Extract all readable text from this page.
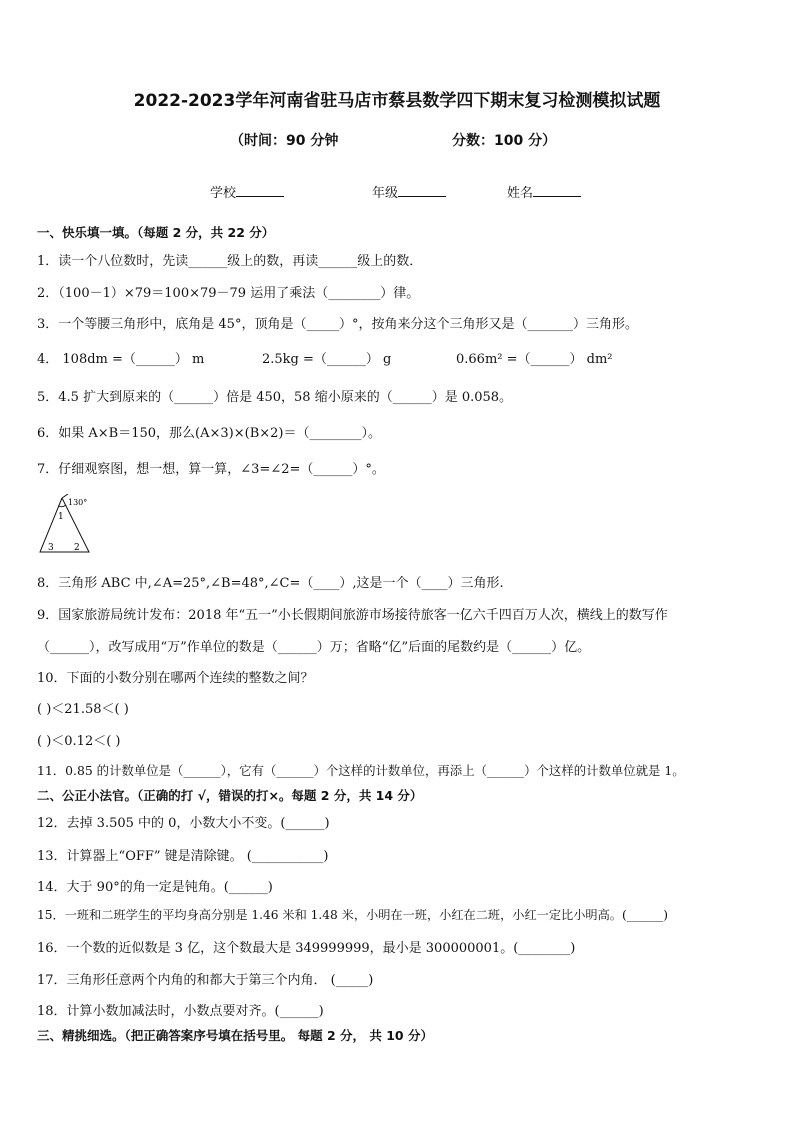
2022-2023学年河南省驻马店市蔡县数学四下期末复习检测模拟试题
（时间：90 分钟	分数：100 分）
学校	年级	姓名
一、快乐填一填。（每题 2 分，共 22 分）
1．读一个八位数时，先读______级上的数，再读______级上的数．
2．（100－1）×79＝100×79－79 运用了乘法（________）律。
3．一个等腰三角形中，底角是 45°，顶角是（_____）°，按角来分这个三角形又是（_______）三角形。
4． 108dm =（______） m	2.5kg =（______） g	0.66m² =（______） dm²
5．4.5 扩大到原来的（______）倍是 450，58 缩小原来的（______）是 0.058。
6．如果 A×B＝150，那么(A×3)×(B×2)＝（________）。
7．仔细观察图，想一想，算一算，∠3=∠2=（______）°。
130°
1
2
3
8．三角形 ABC 中,∠A=25°,∠B=48°,∠C=（____）,这是一个（____）三角形.
9．国家旅游局统计发布：2018 年“五一”小长假期间旅游市场接待旅客一亿六千四百万人次，横线上的数写作
（______），改写成用“万”作单位的数是（______）万；省略“亿”后面的尾数约是（______）亿。
10．下面的小数分别在哪两个连续的整数之间？
( )＜21.58＜( )
( )＜0.12＜( )
11．0.85 的计数单位是（______），它有（______）个这样的计数单位，再添上（______）个这样的计数单位就是 1。
二、公正小法官。（正确的打 √，错误的打×。每题 2 分，共 14 分）
12．去掉 3.505 中的 0，小数大小不变。(______)
13．计算器上“OFF” 键是清除键。 (___________)
14．大于 90°的角一定是钝角。(______)
15．一班和二班学生的平均身高分别是 1.46 米和 1.48 米，小明在一班，小红在二班，小红一定比小明高。(______)
16．一个数的近似数是 3 亿，这个数最大是 349999999，最小是 300000001。(________)
17．三角形任意两个内角的和都大于第三个内角． (_____)
18．计算小数加减法时，小数点要对齐。(______)
三、精挑细选。（把正确答案序号填在括号里。 每题 2 分， 共 10 分）
